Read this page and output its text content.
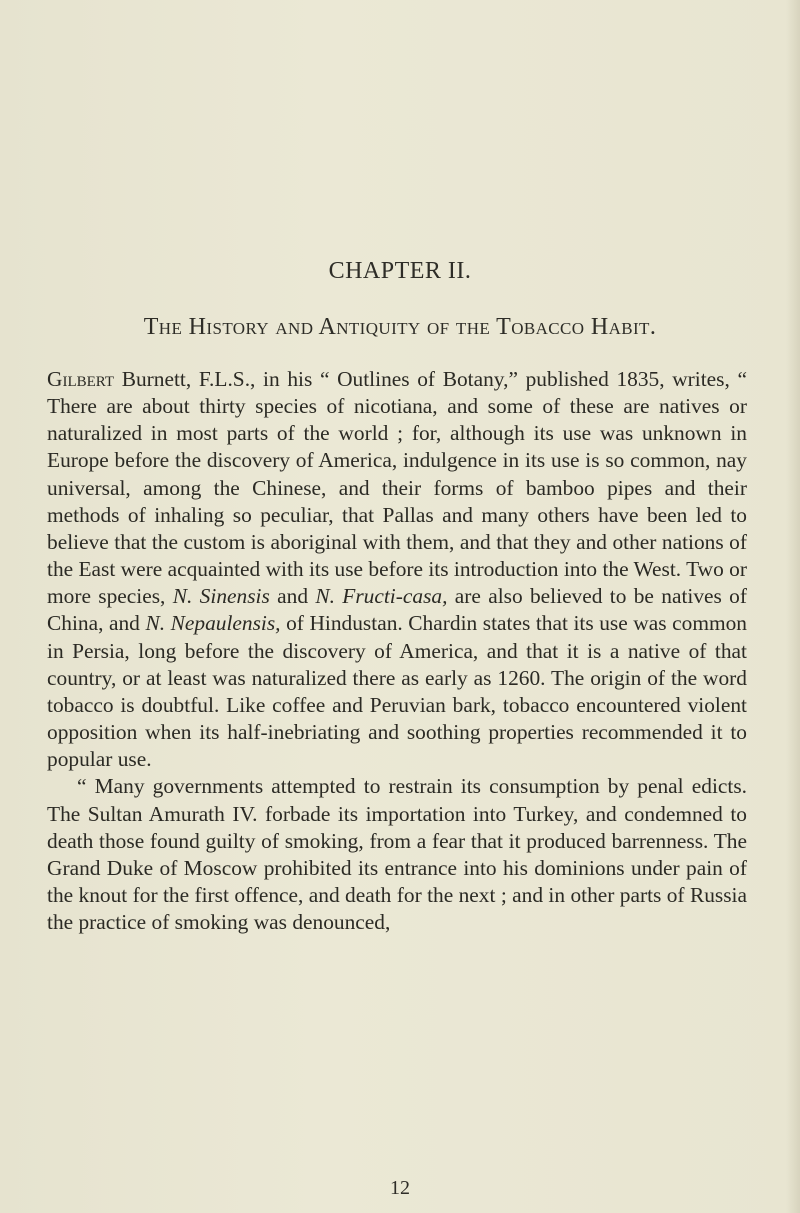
CHAPTER II.
The History and Antiquity of the Tobacco Habit.

Gilbert Burnett, F.L.S., in his “ Outlines of Botany,” published 1835, writes, “ There are about thirty species of nicotiana, and some of these are natives or naturalized in most parts of the world ; for, although its use was unknown in Europe before the discovery of America, indulgence in its use is so common, nay universal, among the Chinese, and their forms of bamboo pipes and their methods of inhaling so peculiar, that Pallas and many others have been led to believe that the custom is aboriginal with them, and that they and other nations of the East were acquainted with its use before its introduction into the West. Two or more species, N. Sinensis and N. Fructi-casa, are also believed to be natives of China, and N. Nepaulensis, of Hindustan. Chardin states that its use was common in Persia, long before the discovery of America, and that it is a native of that country, or at least was naturalized there as early as 1260. The origin of the word tobacco is doubtful. Like coffee and Peruvian bark, tobacco encountered violent opposition when its half-inebriating and soothing properties recommended it to popular use.

“ Many governments attempted to restrain its consumption by penal edicts. The Sultan Amurath IV. forbade its importation into Turkey, and condemned to death those found guilty of smoking, from a fear that it produced barrenness. The Grand Duke of Moscow prohibited its entrance into his dominions under pain of the knout for the first offence, and death for the next ; and in other parts of Russia the practice of smoking was denounced,

12
